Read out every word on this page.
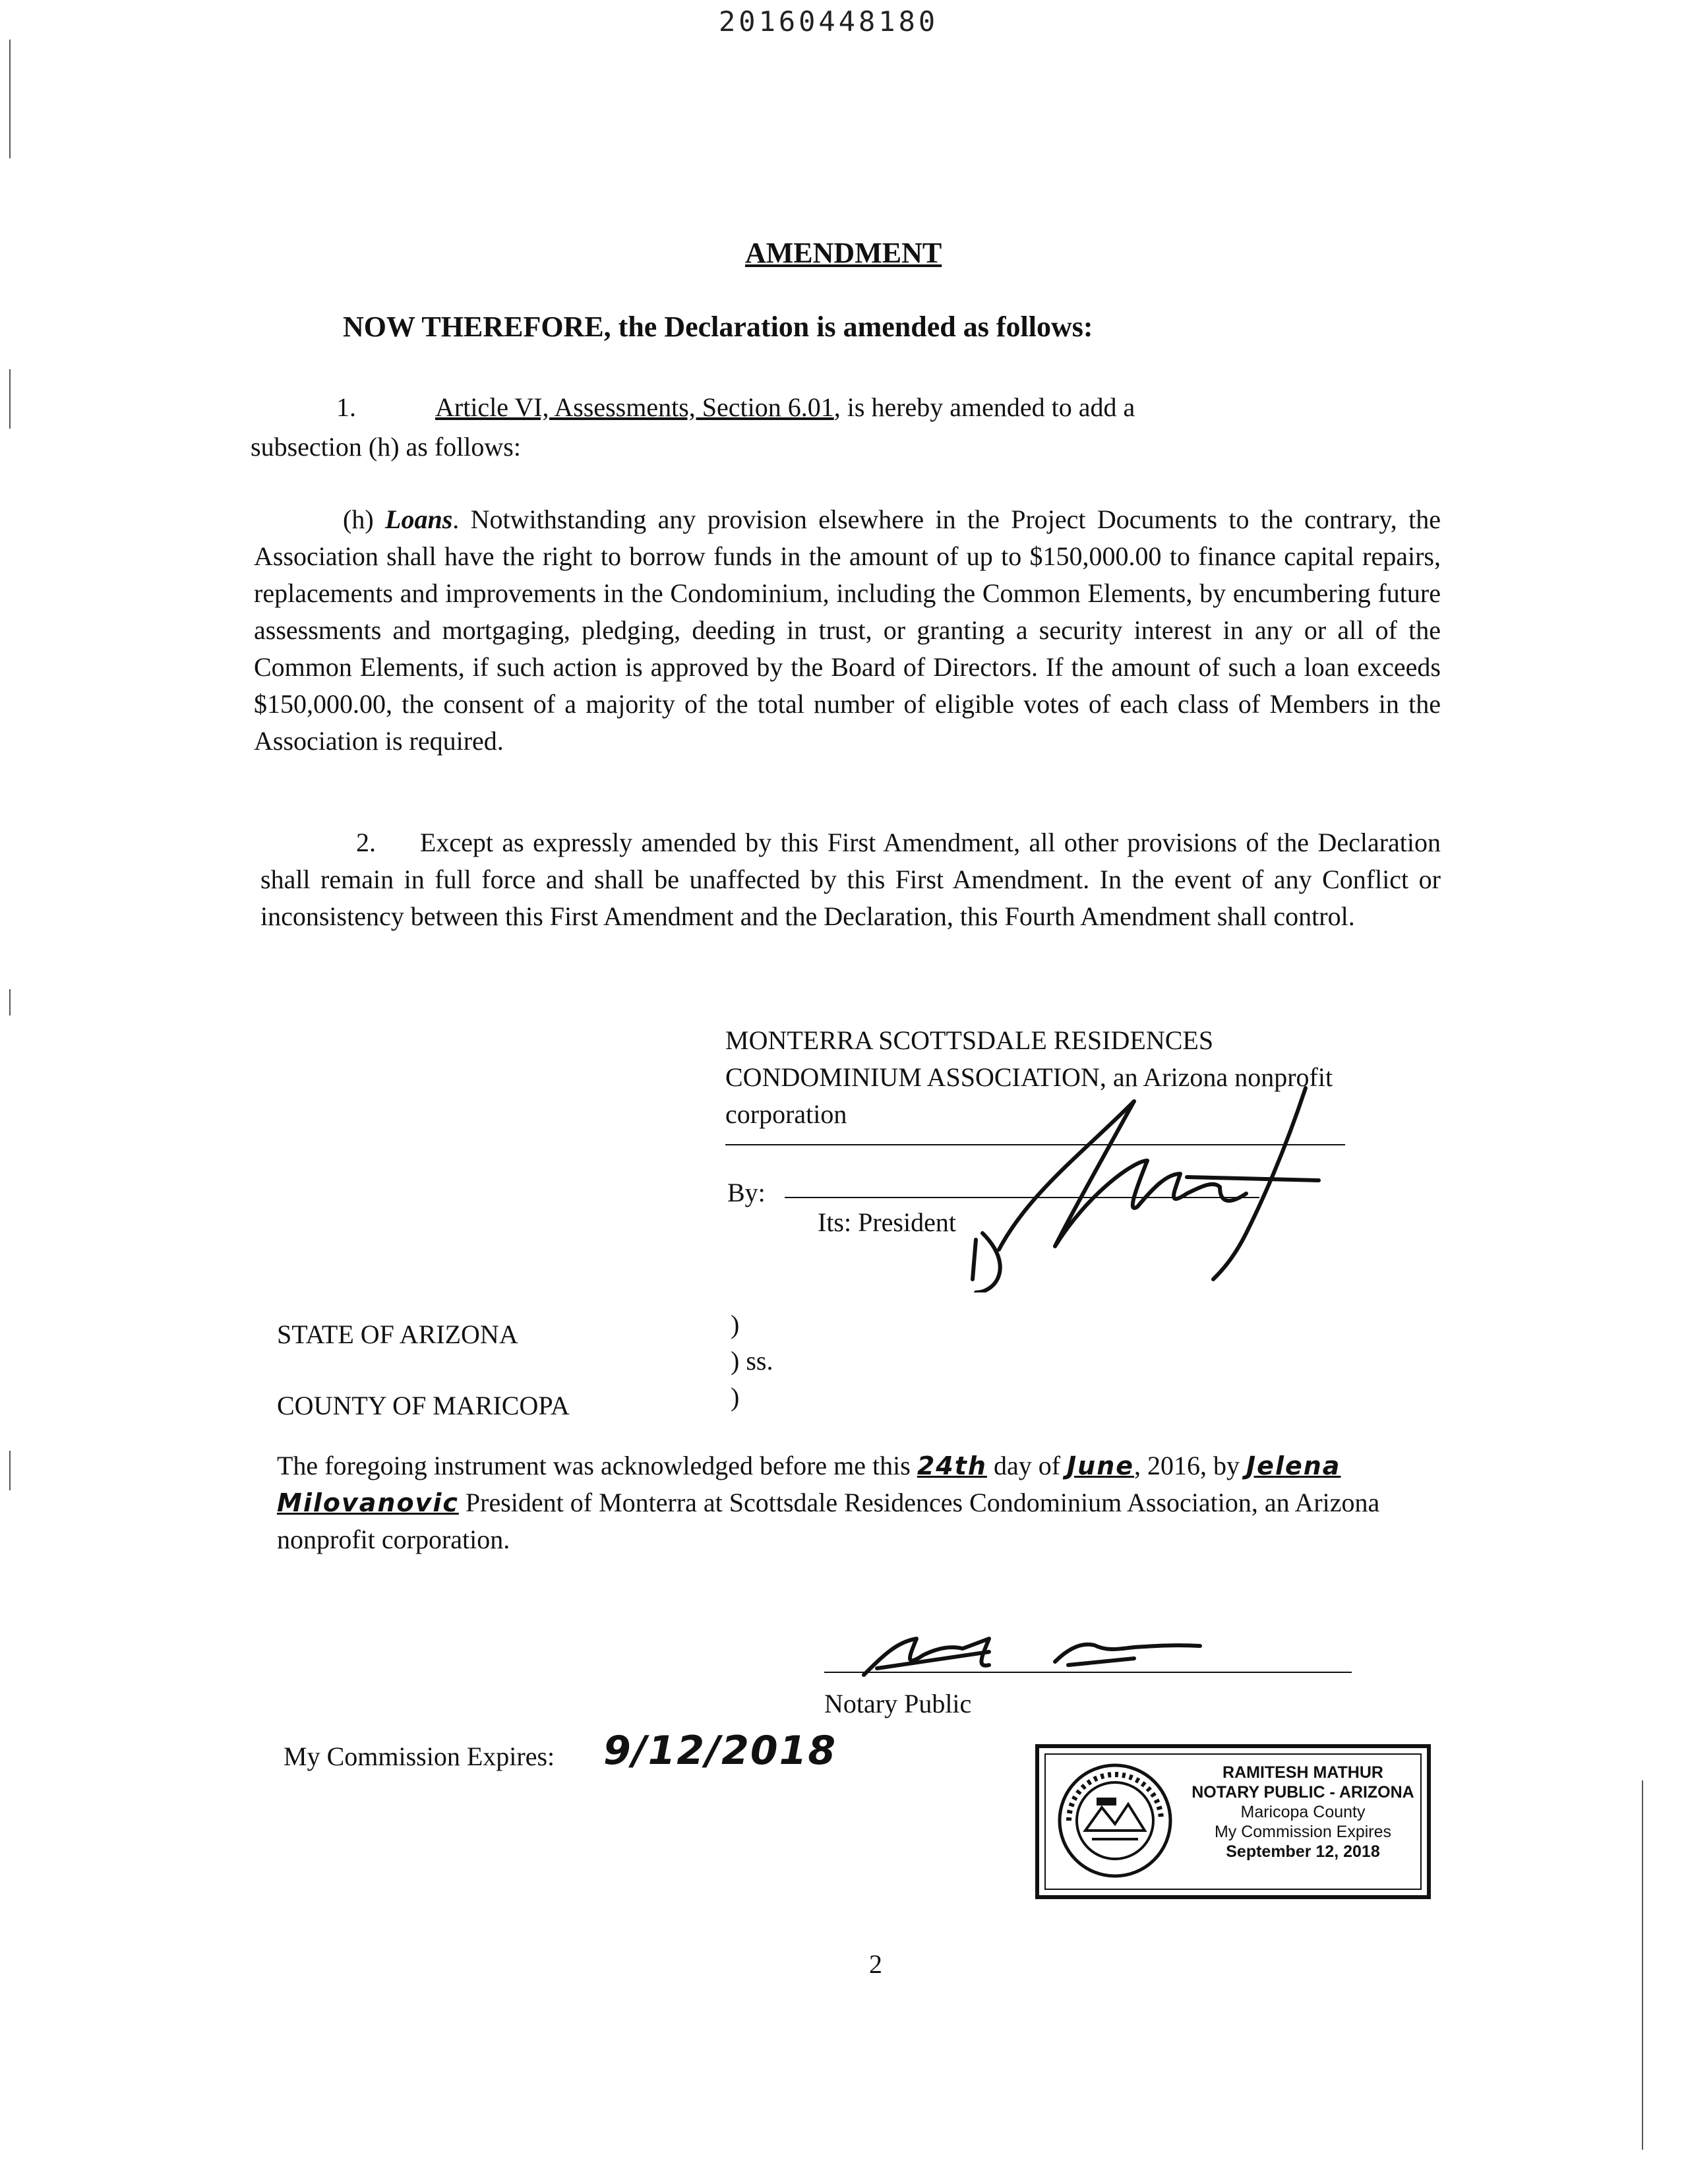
20160448180
AMENDMENT
NOW THEREFORE, the Declaration is amended as follows:
1.	Article VI, Assessments, Section 6.01, is hereby amended to add a
subsection (h) as follows:
(h) Loans. Notwithstanding any provision elsewhere in the Project Documents to the contrary, the Association shall have the right to borrow funds in the amount of up to $150,000.00 to finance capital repairs, replacements and improvements in the Condominium, including the Common Elements, by encumbering future assessments and mortgaging, pledging, deeding in trust, or granting a security interest in any or all of the Common Elements, if such action is approved by the Board of Directors. If the amount of such a loan exceeds $150,000.00, the consent of a majority of the total number of eligible votes of each class of Members in the Association is required.
2. Except as expressly amended by this First Amendment, all other provisions of the Declaration shall remain in full force and shall be unaffected by this First Amendment. In the event of any Conflict or inconsistency between this First Amendment and the Declaration, this Fourth Amendment shall control.
MONTERRA SCOTTSDALE RESIDENCES
CONDOMINIUM ASSOCIATION, an Arizona nonprofit
corporation
By:
Its: President
STATE OF ARIZONA
COUNTY OF MARICOPA
)
) ss.
)
The foregoing instrument was acknowledged before me this 24th day of June, 2016, by Jelena Milovanovic President of Monterra at Scottsdale Residences Condominium Association, an Arizona nonprofit corporation.
Notary Public
My Commission Expires: 9/12/2018	RAMITESH MATHUR
NOTARY PUBLIC - ARIZONA
Maricopa County
My Commission Expires
September 12, 2018
2
